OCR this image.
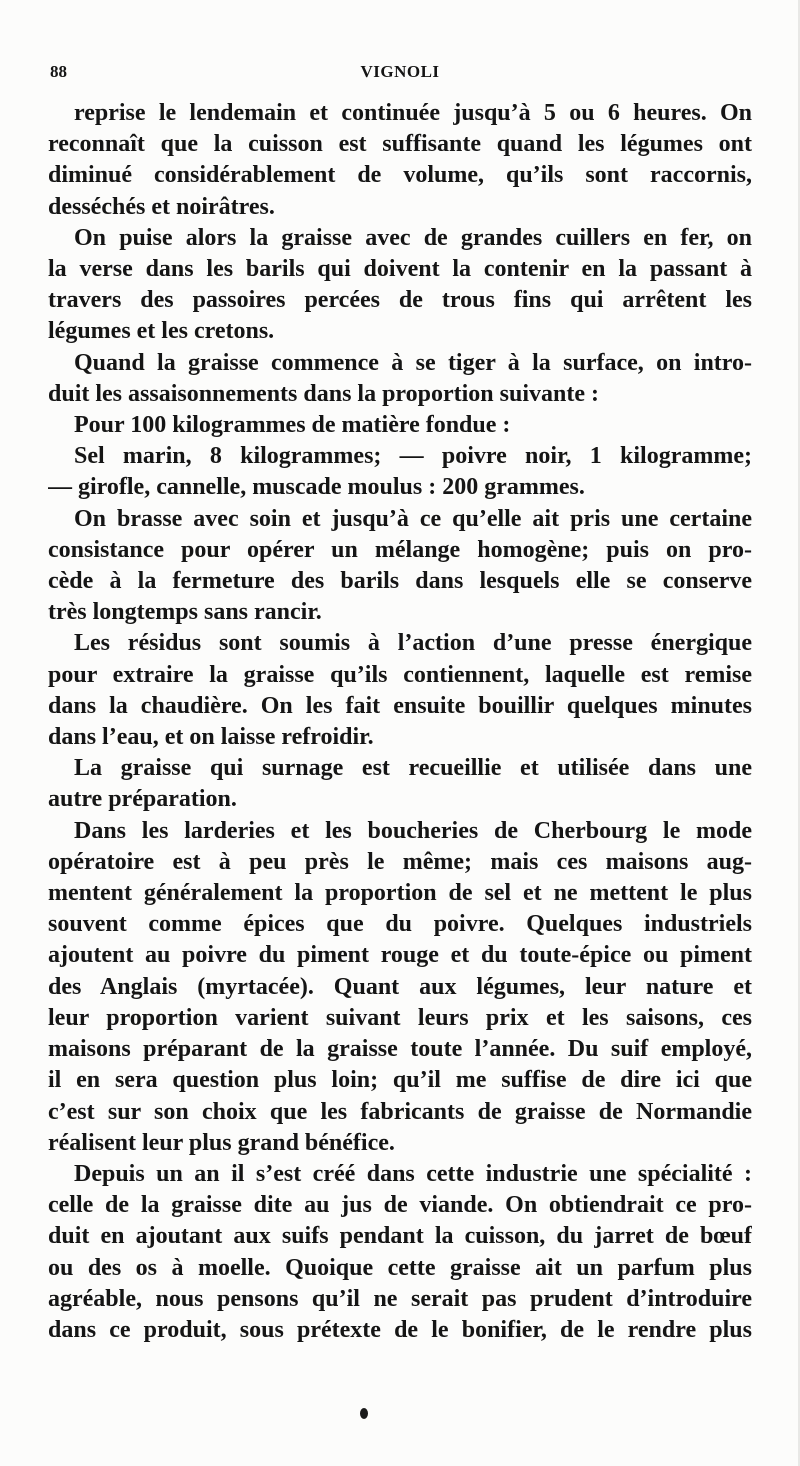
88	VIGNOLI
reprise le lendemain et continuée jusqu’à 5 ou 6 heures. On
reconnaît que la cuisson est suffisante quand les légumes ont
diminué considérablement de volume, qu’ils sont raccornis,
desséchés et noirâtres.
On puise alors la graisse avec de grandes cuillers en fer, on
la verse dans les barils qui doivent la contenir en la passant à
travers des passoires percées de trous fins qui arrêtent les
légumes et les cretons.
Quand la graisse commence à se tiger à la surface, on intro-
duit les assaisonnements dans la proportion suivante :
Pour 100 kilogrammes de matière fondue :
Sel marin, 8 kilogrammes; — poivre noir, 1 kilogramme;
— girofle, cannelle, muscade moulus : 200 grammes.
On brasse avec soin et jusqu’à ce qu’elle ait pris une certaine
consistance pour opérer un mélange homogène; puis on pro-
cède à la fermeture des barils dans lesquels elle se conserve
très longtemps sans rancir.
Les résidus sont soumis à l’action d’une presse énergique
pour extraire la graisse qu’ils contiennent, laquelle est remise
dans la chaudière. On les fait ensuite bouillir quelques minutes
dans l’eau, et on laisse refroidir.
La graisse qui surnage est recueillie et utilisée dans une
autre préparation.
Dans les larderies et les boucheries de Cherbourg le mode
opératoire est à peu près le même; mais ces maisons aug-
mentent généralement la proportion de sel et ne mettent le plus
souvent comme épices que du poivre. Quelques industriels
ajoutent au poivre du piment rouge et du toute-épice ou piment
des Anglais (myrtacée). Quant aux légumes, leur nature et
leur proportion varient suivant leurs prix et les saisons, ces
maisons préparant de la graisse toute l’année. Du suif employé,
il en sera question plus loin; qu’il me suffise de dire ici que
c’est sur son choix que les fabricants de graisse de Normandie
réalisent leur plus grand bénéfice.
Depuis un an il s’est créé dans cette industrie une spécialité :
celle de la graisse dite au jus de viande. On obtiendrait ce pro-
duit en ajoutant aux suifs pendant la cuisson, du jarret de bœuf
ou des os à moelle. Quoique cette graisse ait un parfum plus
agréable, nous pensons qu’il ne serait pas prudent d’introduire
dans ce produit, sous prétexte de le bonifier, de le rendre plus
